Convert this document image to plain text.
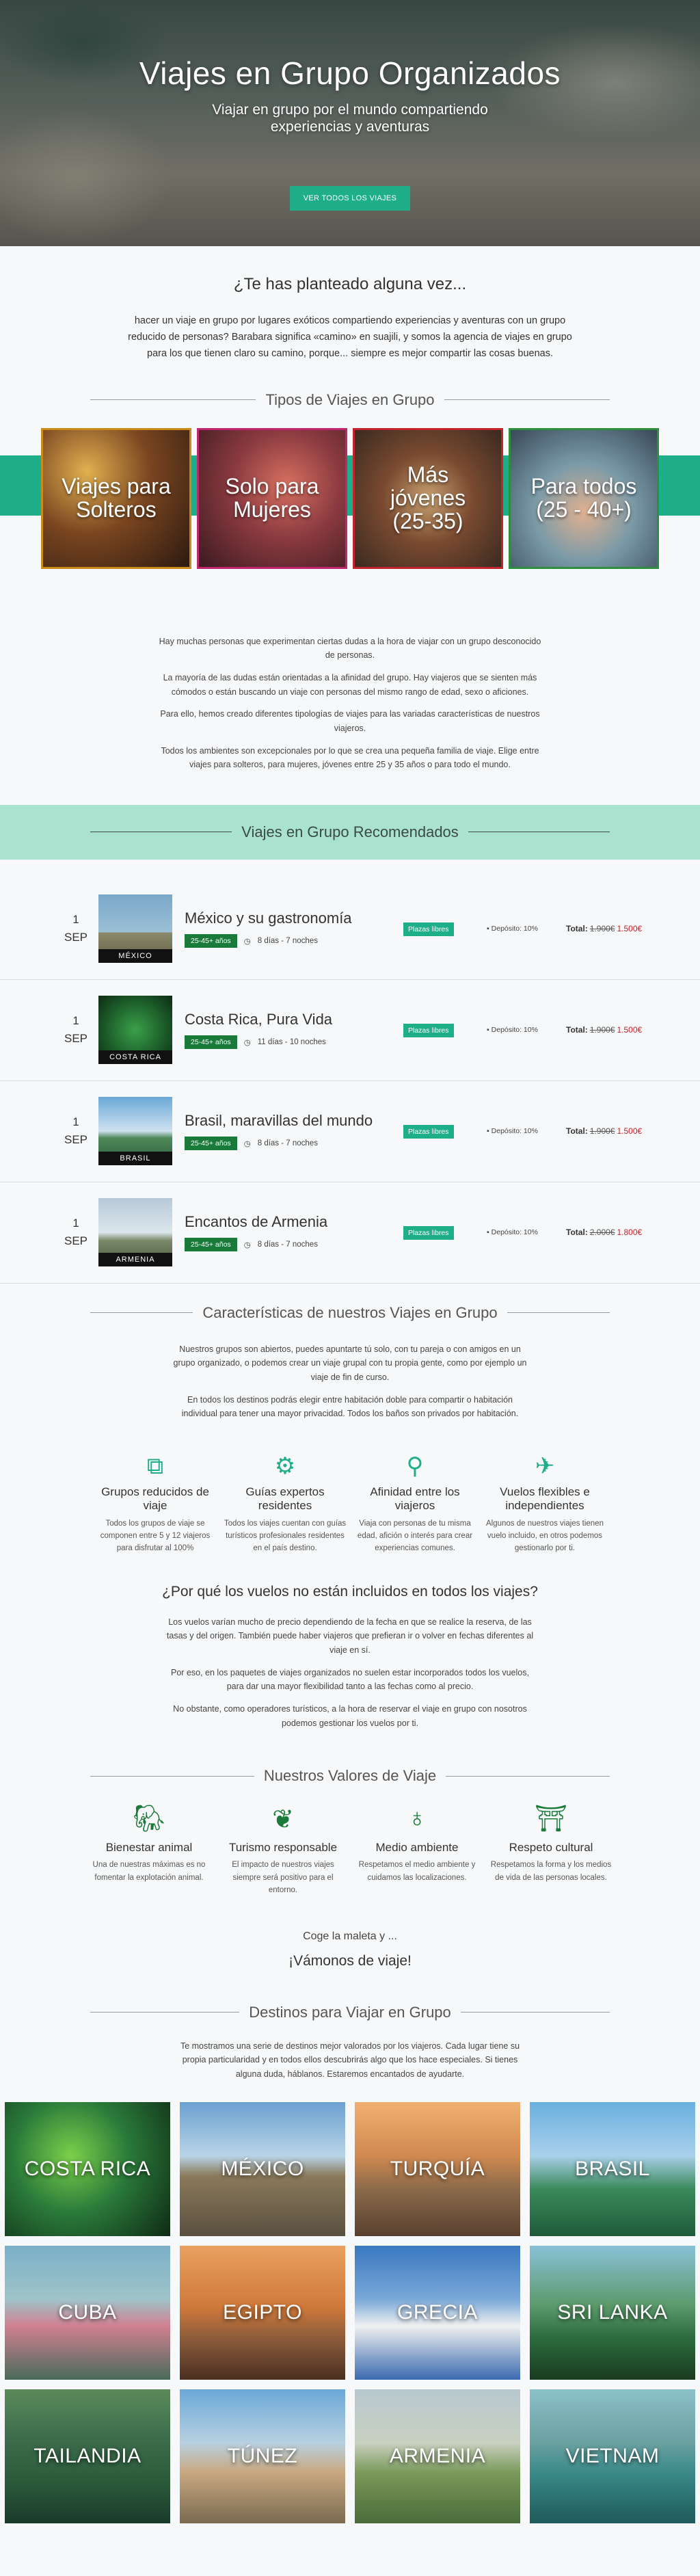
Viajes en Grupo Organizados

Viajar en grupo por el mundo compartiendo experiencias y aventuras

VER TODOS LOS VIAJES
¿Te has planteado alguna vez...

hacer un viaje en grupo por lugares exóticos compartiendo experiencias y aventuras con un grupo reducido de personas? Barabara significa «camino» en suajili, y somos la agencia de viajes en grupo para los que tienen claro su camino, porque... siempre es mejor compartir las cosas buenas.

Tipos de Viajes en Grupo
Viajes para Solteros
Solo para Mujeres
Más jóvenes (25-35)
Para todos (25 - 40+)

Hay muchas personas que experimentan ciertas dudas a la hora de viajar con un grupo desconocido de personas.

La mayoría de las dudas están orientadas a la afinidad del grupo. Hay viajeros que se sienten más cómodos o están buscando un viaje con personas del mismo rango de edad, sexo o aficiones.

Para ello, hemos creado diferentes tipologías de viajes para las variadas características de nuestros viajeros.

Todos los ambientes son excepcionales por lo que se crea una pequeña familia de viaje. Elige entre viajes para solteros, para mujeres, jóvenes entre 25 y 35 años o para todo el mundo.

Viajes en Grupo Recomendados
1
SEP
MÉXICO
México y su gastronomía
25-45+ años	◷ 8 días - 7 noches
Plazas libres	▪ Depósito: 10%	Total: 1.900€ 1.500€
1
SEP
COSTA RICA
Costa Rica, Pura Vida
25-45+ años	◷ 11 días - 10 noches
Plazas libres	▪ Depósito: 10%	Total: 1.900€ 1.500€
1
SEP
BRASIL
Brasil, maravillas del mundo
25-45+ años	◷ 8 días - 7 noches
Plazas libres	▪ Depósito: 10%	Total: 1.900€ 1.500€
1
SEP
ARMENIA
Encantos de Armenia
25-45+ años	◷ 8 días - 7 noches
Plazas libres	▪ Depósito: 10%	Total: 2.000€ 1.800€
Características de nuestros Viajes en Grupo

Nuestros grupos son abiertos, puedes apuntarte tú solo, con tu pareja o con amigos en un grupo organizado, o podemos crear un viaje grupal con tu propia gente, como por ejemplo un viaje de fin de curso.

En todos los destinos podrás elegir entre habitación doble para compartir o habitación individual para tener una mayor privacidad. Todos los baños son privados por habitación.

⧉
Grupos reducidos de viaje
Todos los grupos de viaje se componen entre 5 y 12 viajeros para disfrutar al 100%
⚙
Guías expertos residentes
Todos los viajes cuentan con guías turísticos profesionales residentes en el país destino.
⚲
Afinidad entre los viajeros
Viaja con personas de tu misma edad, afición o interés para crear experiencias comunes.
✈
Vuelos flexibles e independientes
Algunos de nuestros viajes tienen vuelo incluido, en otros podemos gestionarlo por ti.
¿Por qué los vuelos no están incluidos en todos los viajes?

Los vuelos varían mucho de precio dependiendo de la fecha en que se realice la reserva, de las tasas y del origen. También puede haber viajeros que prefieran ir o volver en fechas diferentes al viaje en sí.

Por eso, en los paquetes de viajes organizados no suelen estar incorporados todos los vuelos, para dar una mayor flexibilidad tanto a las fechas como al precio.

No obstante, como operadores turísticos, a la hora de reservar el viaje en grupo con nosotros podemos gestionar los vuelos por ti.

Nuestros Valores de Viaje
🐘︎
Bienestar animal
Una de nuestras máximas es no fomentar la explotación animal.
❦
Turismo responsable
El impacto de nuestros viajes siempre será positivo para el entorno.
♁
Medio ambiente
Respetamos el medio ambiente y cuidamos las localizaciones.
⛩
Respeto cultural
Respetamos la forma y los medios de vida de las personas locales.
Coge la maleta y ...
¡Vámonos de viaje!
Destinos para Viajar en Grupo

Te mostramos una serie de destinos mejor valorados por los viajeros. Cada lugar tiene su propia particularidad y en todos ellos descubrirás algo que los hace especiales. Si tienes alguna duda, háblanos. Estaremos encantados de ayudarte.

COSTA RICA	MÉXICO	TURQUÍA	BRASIL
CUBA	EGIPTO	GRECIA	SRI LANKA
TAILANDIA	TÚNEZ	ARMENIA	VIETNAM
